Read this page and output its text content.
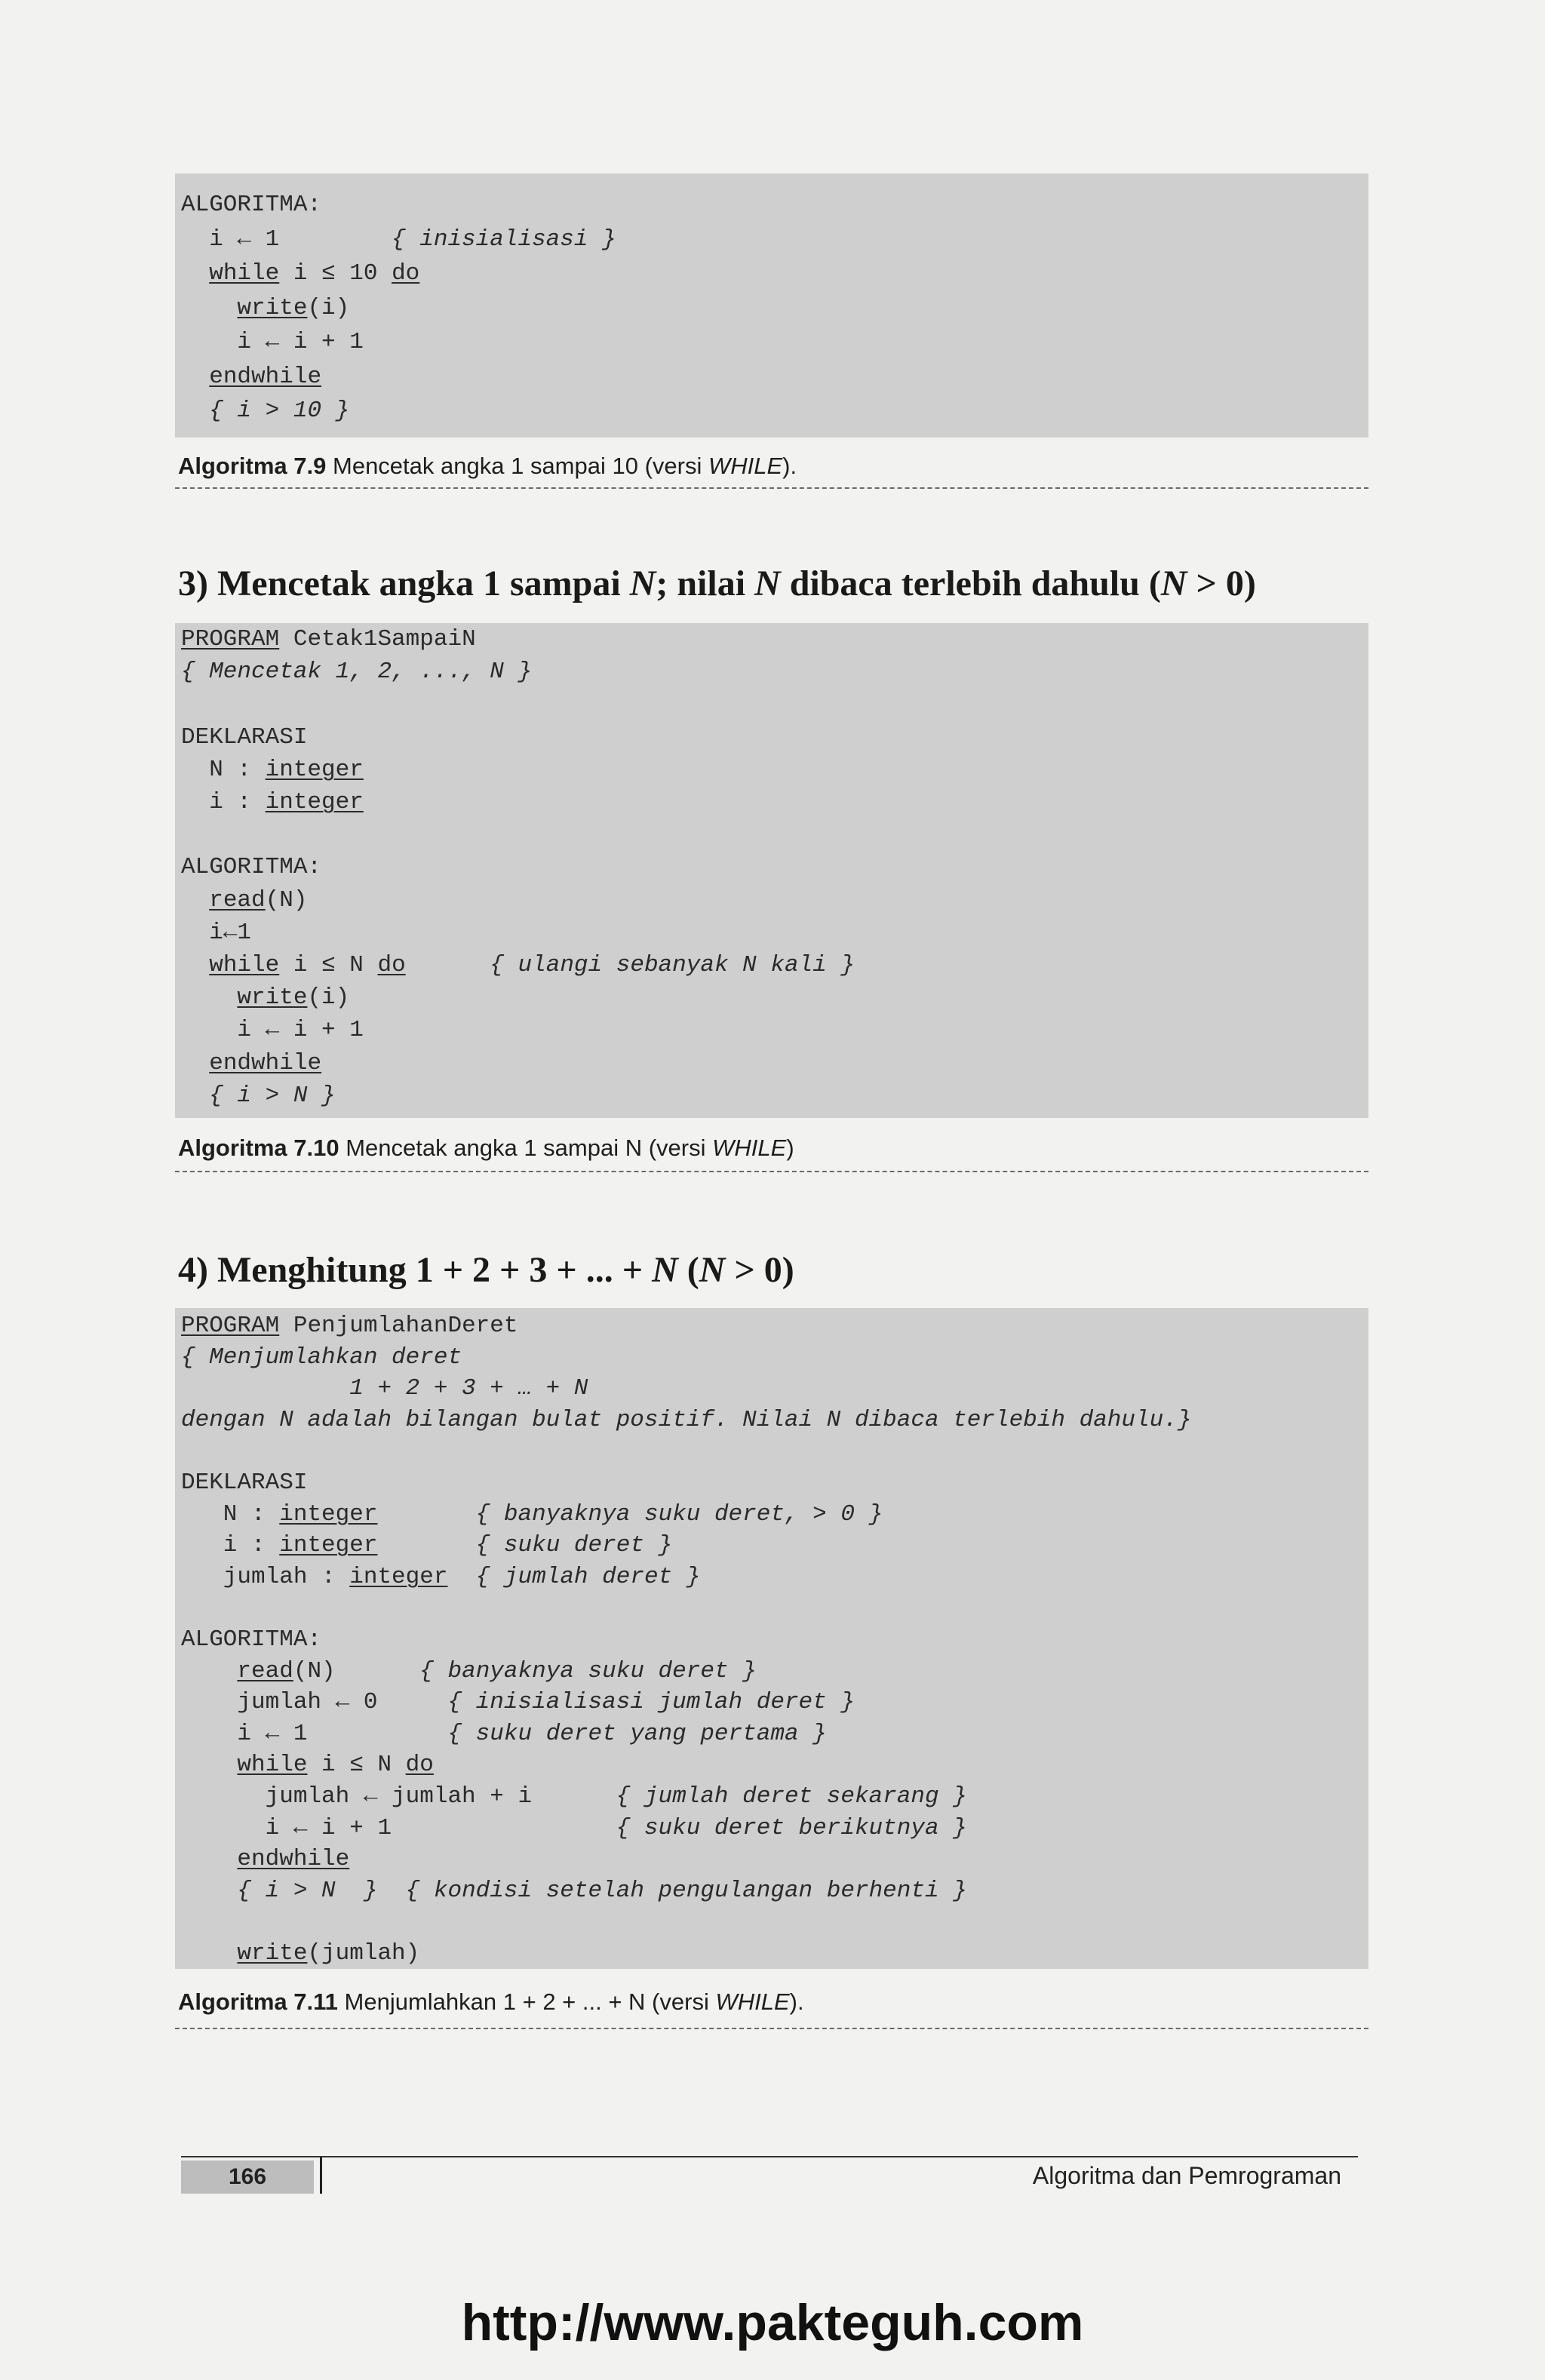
ALGORITMA:
i ← 1        { inisialisasi }
while i ≤ 10 do
write(i)
i ← i + 1
endwhile
{ i > 10 }
Algoritma 7.9 Mencetak angka 1 sampai 10 (versi WHILE).
3) Mencetak angka 1 sampai N; nilai N dibaca terlebih dahulu (N > 0)
PROGRAM Cetak1SampaiN
{ Mencetak 1, 2, ..., N }
DEKLARASI
N : integer
i : integer
ALGORITMA:
read(N)
i←1
while i ≤ N do	{ ulangi sebanyak N kali }
write(i)
i ← i + 1
endwhile
{ i > N }
Algoritma 7.10 Mencetak angka 1 sampai N (versi WHILE)
4) Menghitung 1 + 2 + 3 + ... + N (N > 0)
PROGRAM PenjumlahanDeret
{ Menjumlahkan deret
1 + 2 + 3 + … + N
dengan N adalah bilangan bulat positif. Nilai N dibaca terlebih dahulu.}
DEKLARASI
N : integer	{ banyaknya suku deret, > 0 }
i : integer	{ suku deret }
jumlah : integer { jumlah deret }
ALGORITMA:
read(N)      { banyaknya suku deret }
jumlah ← 0     { inisialisasi jumlah deret }
i ← 1          { suku deret yang pertama }
while i ≤ N do
jumlah ← jumlah + i      { jumlah deret sekarang }
i ← i + 1                { suku deret berikutnya }
endwhile
{ i > N  } { kondisi setelah pengulangan berhenti }
write(jumlah)
Algoritma 7.11 Menjumlahkan 1 + 2 + ... + N (versi WHILE).
166	Algoritma dan Pemrograman
http://www.pakteguh.com
